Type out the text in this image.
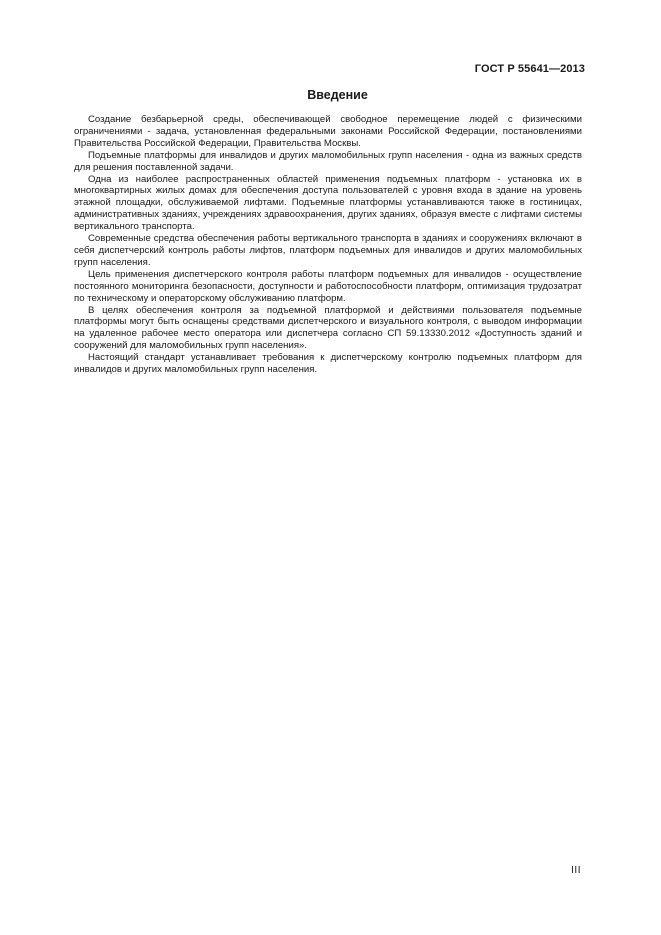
ГОСТ Р 55641—2013
Введение

Создание безбарьерной среды, обеспечивающей свободное перемещение людей с физическими ограничениями - задача, установленная федеральными законами Российской Федерации, постановлениями Правительства Российской Федерации, Правительства Москвы.

Подъемные платформы для инвалидов и других маломобильных групп населения - одна из важных средств для решения поставленной задачи.

Одна из наиболее распространенных областей применения подъемных платформ - установка их в многоквартирных жилых домах для обеспечения доступа пользователей с уровня входа в здание на уровень этажной площадки, обслуживаемой лифтами. Подъемные платформы устанавливаются также в гостиницах, административных зданиях, учреждениях здравоохранения, других зданиях, образуя вместе с лифтами системы вертикального транспорта.

Современные средства обеспечения работы вертикального транспорта в зданиях и сооружениях включают в себя диспетчерский контроль работы лифтов, платформ подъемных для инвалидов и других маломобильных групп населения.

Цель применения диспетчерского контроля работы платформ подъемных для инвалидов - осуществление постоянного мониторинга безопасности, доступности и работоспособности платформ, оптимизация трудозатрат по техническому и операторскому обслуживанию платформ.

В целях обеспечения контроля за подъемной платформой и действиями пользователя подъемные платформы могут быть оснащены средствами диспетчерского и визуального контроля, с выводом информации на удаленное рабочее место оператора или диспетчера согласно СП 59.13330.2012 «Доступность зданий и сооружений для маломобильных групп населения».

Настоящий стандарт устанавливает требования к диспетчерскому контролю подъемных платформ для инвалидов и других маломобильных групп населения.

III
